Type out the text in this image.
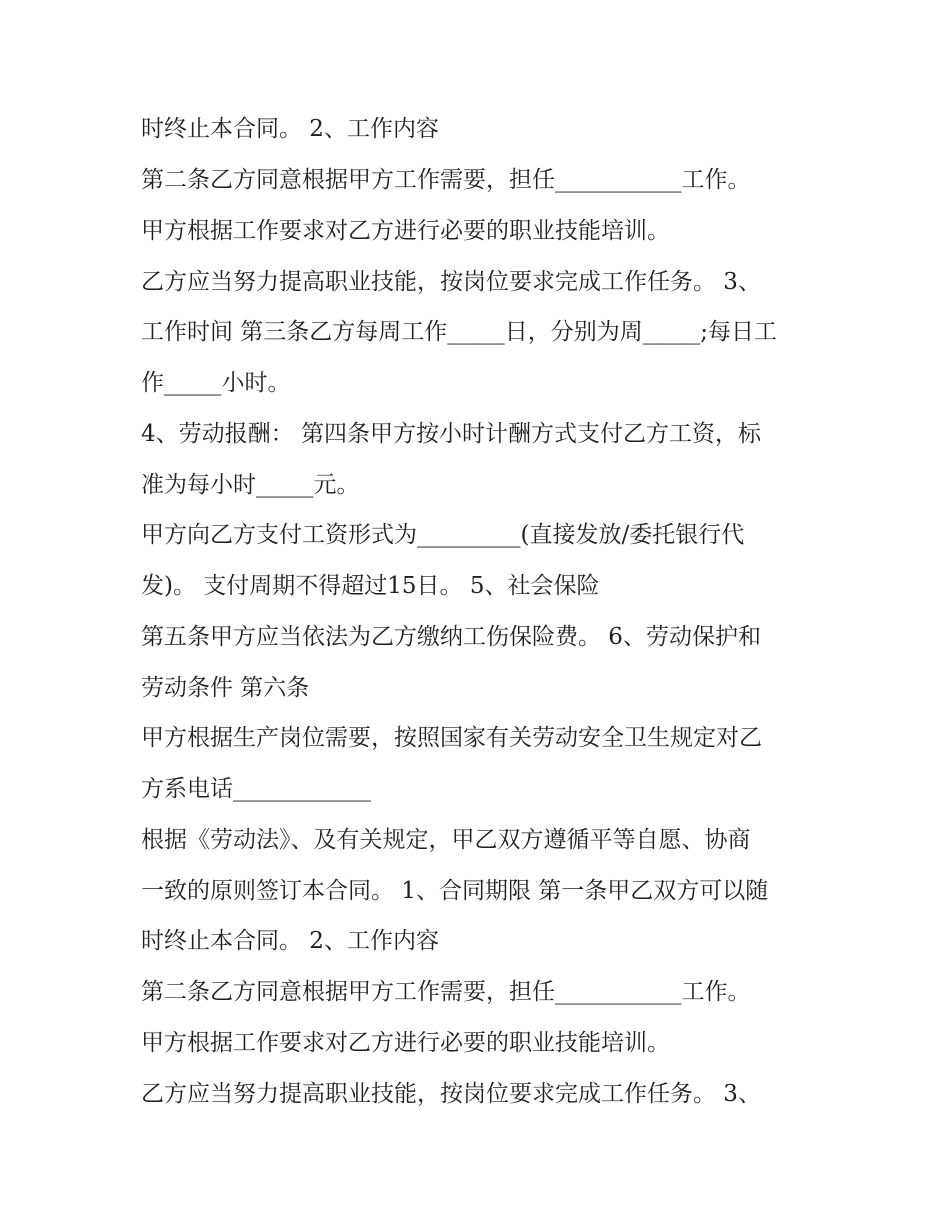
时终止本合同。 2、工作内容

第二条乙方同意根据甲方工作需要，担任___________工作。

甲方根据工作要求对乙方进行必要的职业技能培训。

乙方应当努力提高职业技能，按岗位要求完成工作任务。 3、

工作时间 第三条乙方每周工作_____日，分别为周_____;每日工

作_____小时。

4、劳动报酬： 第四条甲方按小时计酬方式支付乙方工资，标

准为每小时_____元。

甲方向乙方支付工资形式为_________(直接发放/委托银行代

发)。 支付周期不得超过15日。 5、社会保险

第五条甲方应当依法为乙方缴纳工伤保险费。 6、劳动保护和

劳动条件 第六条

甲方根据生产岗位需要，按照国家有关劳动安全卫生规定对乙

方系电话____________

根据《劳动法》、及有关规定，甲乙双方遵循平等自愿、协商

一致的原则签订本合同。 1、合同期限 第一条甲乙双方可以随

时终止本合同。 2、工作内容

第二条乙方同意根据甲方工作需要，担任___________工作。

甲方根据工作要求对乙方进行必要的职业技能培训。

乙方应当努力提高职业技能，按岗位要求完成工作任务。 3、
